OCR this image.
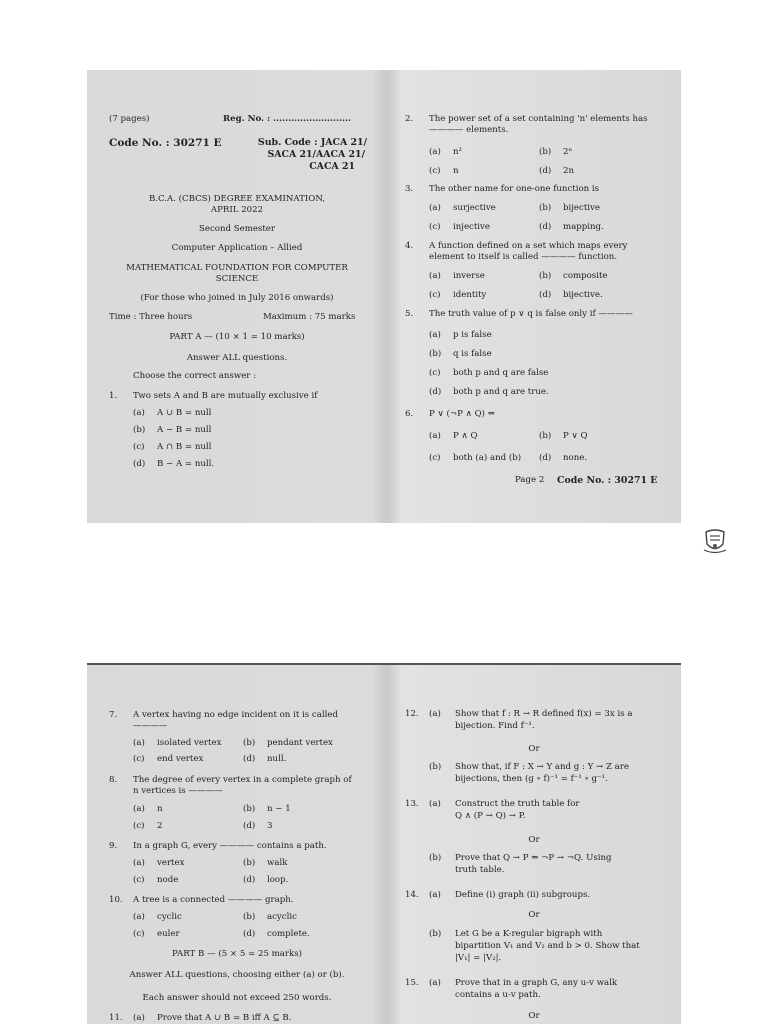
(7 pages)	Reg. No. : ..........................
Code No. : 30271 E	Sub. Code : JACA 21/
SACA 21/AACA 21/
CACA 21
B.C.A. (CBCS) DEGREE EXAMINATION,
APRIL 2022
Second Semester
Computer Application – Allied
MATHEMATICAL FOUNDATION FOR COMPUTER
SCIENCE
(For those who joined in July 2016 onwards)
Time : Three hours	Maximum : 75 marks
PART A — (10 × 1 = 10 marks)
Answer ALL questions.
Choose the correct answer :
1. Two sets A and B are mutually exclusive if
(a) A ∪ B = null
(b) A − B = null
(c) A ∩ B = null
(d) B − A = null.
2. The power set of a set containing 'n' elements has
———— elements.
(a) n²	(b) 2ⁿ
(c) n	(d) 2n
3. The other name for one-one function is
(a) surjective	(b) bijective
(c) injective	(d) mapping.
4. A function defined on a set which maps every
element to itself is called ———— function.
(a) inverse	(b) composite
(c) identity	(d) bijective.
5. The truth value of p ∨ q is false only if ————
(a) p is false
(b) q is false
(c) both p and q are false
(d) both p and q are true.
6. P ∨ (¬P ∧ Q) ⇔
(a) P ∧ Q	(b) P ∨ Q
(c) both (a) and (b) (d) none.
Page 2 Code No. : 30271 E
7. A vertex having no edge incident on it is called
————
(a) isolated vertex	(b) pendant vertex
(c) end vertex	(d) null.
8. The degree of every vertex in a complete graph of
n vertices is ————
(a) n	(b) n − 1
(c) 2	(d) 3
9. In a graph G, every ———— contains a path.
(a) vertex	(b) walk
(c) node	(d) loop.
10. A tree is a connected ———— graph.
(a) cyclic	(b) acyclic
(c) euler	(d) complete.
PART B — (5 × 5 = 25 marks)
Answer ALL questions, choosing either (a) or (b).
Each answer should not exceed 250 words.
11. (a) Prove that A ∪ B = B iff A ⊆ B.
12. (a) Show that f : R → R defined f(x) = 3x is a
bijection. Find f⁻¹.
Or
(b) Show that, if F : X → Y and g : Y → Z are
bijections, then (g ∘ f)⁻¹ = f⁻¹ ∘ g⁻¹.
13. (a) Construct the truth table for
Q ∧ (P → Q) → P.
Or
(b) Prove that Q → P ⇔ ¬P → ¬Q. Using
truth table.
14. (a) Define (i) graph (ii) subgroups.
Or
(b) Let G be a K-regular bigraph with
bipartition V₁ and V₂ and b > 0. Show that
|V₁| = |V₂|.
15. (a) Prove that in a graph G, any u-v walk
contains a u-v path.
Or
